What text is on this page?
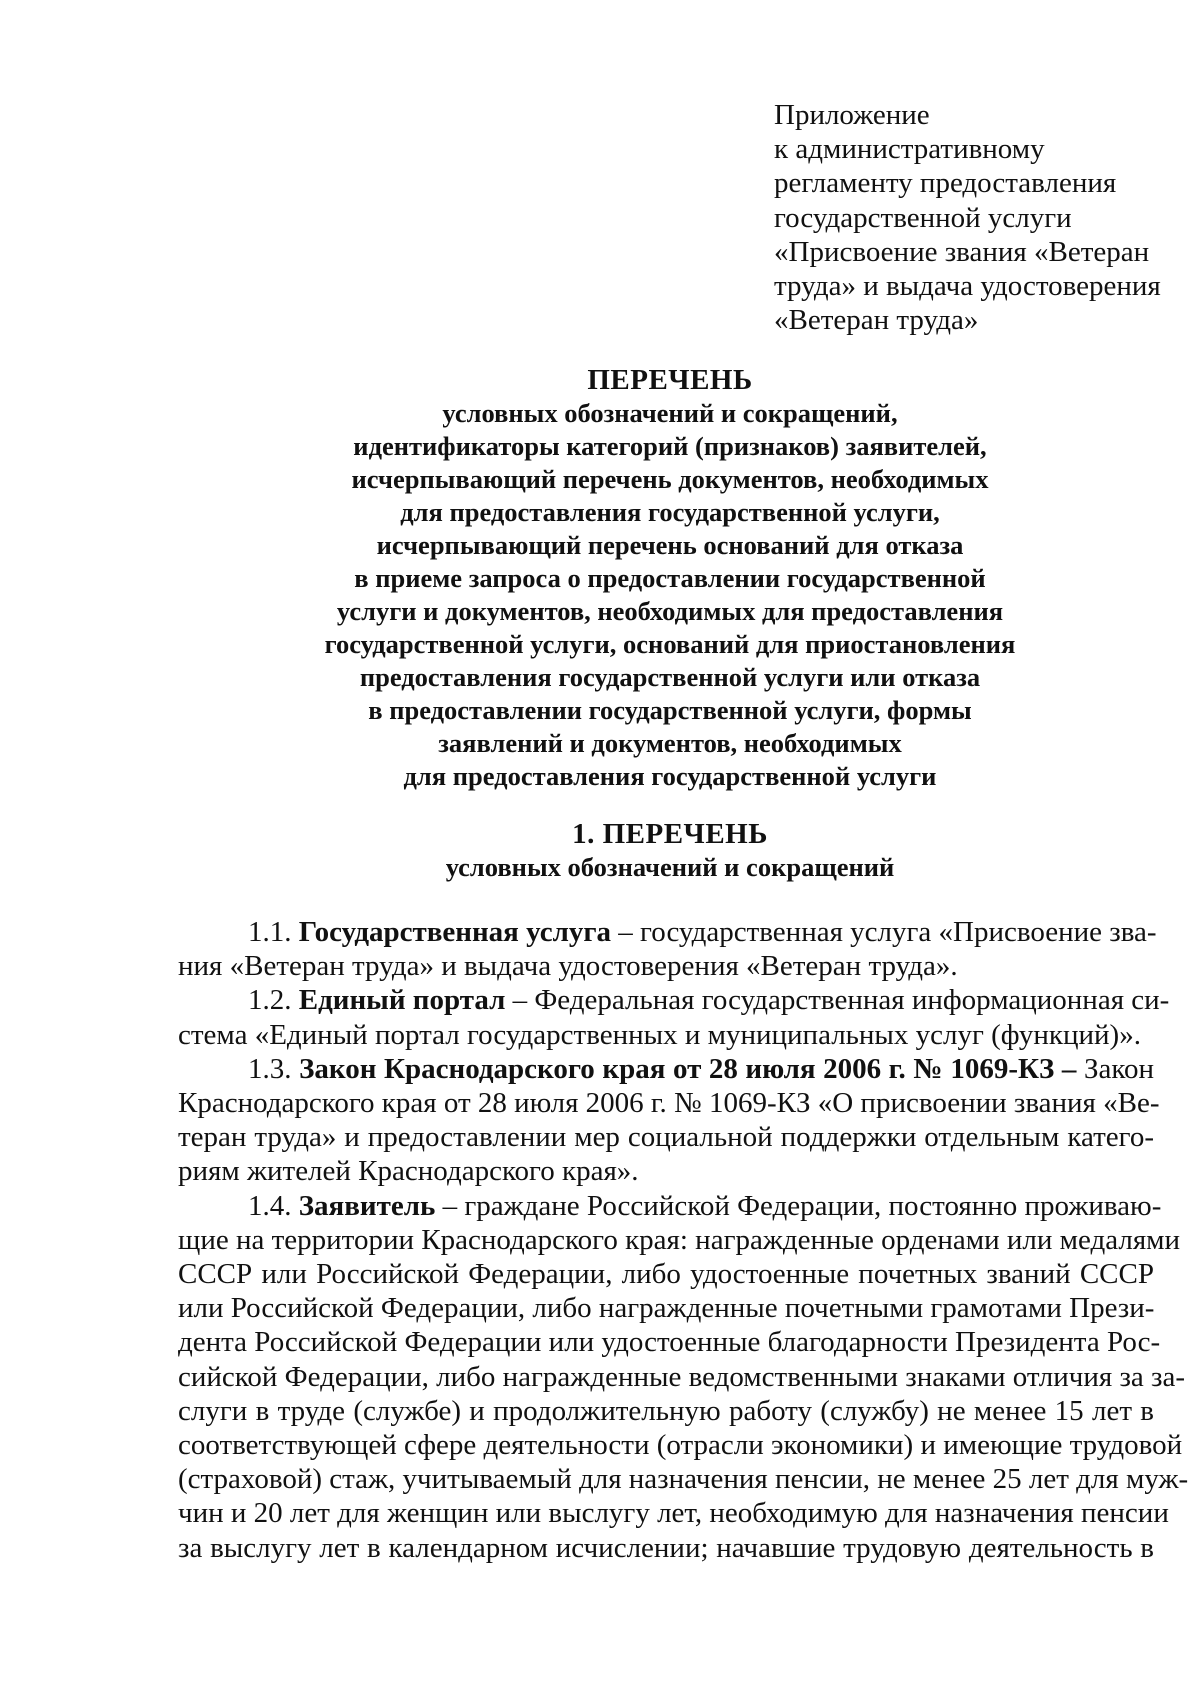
Приложение
к административному
регламенту предоставления
государственной услуги
«Присвоение звания «Ветеран
труда» и выдача удостоверения
«Ветеран труда»
ПЕРЕЧЕНЬ
условных обозначений и сокращений,
идентификаторы категорий (признаков) заявителей,
исчерпывающий перечень документов, необходимых
для предоставления государственной услуги,
исчерпывающий перечень оснований для отказа
в приеме запроса о предоставлении государственной
услуги и документов, необходимых для предоставления
государственной услуги, оснований для приостановления
предоставления государственной услуги или отказа
в предоставлении государственной услуги, формы
заявлений и документов, необходимых
для предоставления государственной услуги
1. ПЕРЕЧЕНЬ
условных обозначений и сокращений
1.1. Государственная услуга – государственная услуга «Присвоение зва-
ния «Ветеран труда» и выдача удостоверения «Ветеран труда».
1.2. Единый портал – Федеральная государственная информационная си-
стема «Единый портал государственных и муниципальных услуг (функций)».
1.3. Закон Краснодарского края от 28 июля 2006 г. № 1069-КЗ – Закон
Краснодарского края от 28 июля 2006 г. № 1069-КЗ «О присвоении звания «Ве-
теран труда» и предоставлении мер социальной поддержки отдельным катего-
риям жителей Краснодарского края».
1.4. Заявитель – граждане Российской Федерации, постоянно проживаю-
щие на территории Краснодарского края: награжденные орденами или медалями
СССР или Российской Федерации, либо удостоенные почетных званий СССР
или Российской Федерации, либо награжденные почетными грамотами Прези-
дента Российской Федерации или удостоенные благодарности Президента Рос-
сийской Федерации, либо награжденные ведомственными знаками отличия за за-
слуги в труде (службе) и продолжительную работу (службу) не менее 15 лет в
соответствующей сфере деятельности (отрасли экономики) и имеющие трудовой
(страховой) стаж, учитываемый для назначения пенсии, не менее 25 лет для муж-
чин и 20 лет для женщин или выслугу лет, необходимую для назначения пенсии
за выслугу лет в календарном исчислении; начавшие трудовую деятельность в
